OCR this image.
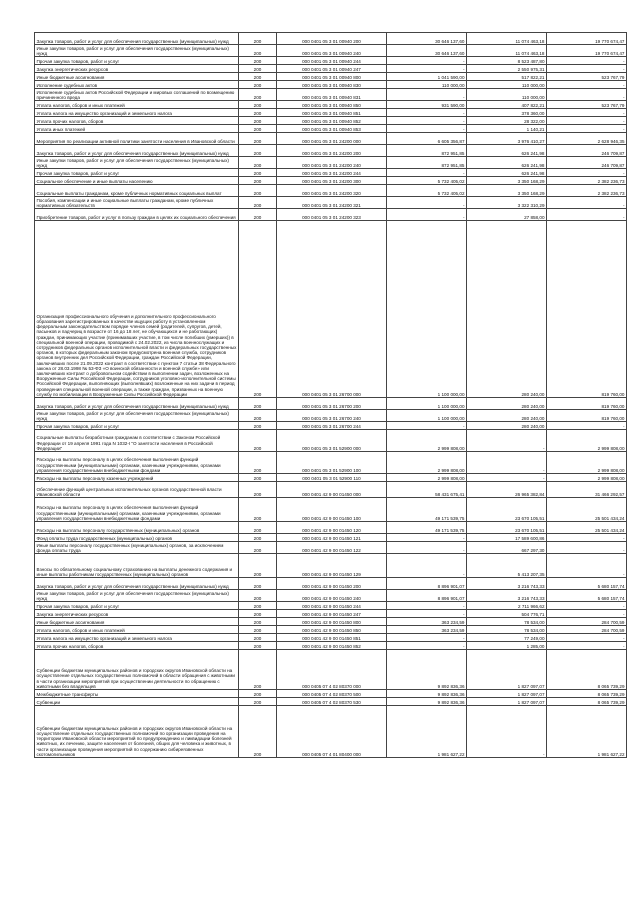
Закупка товаров, работ и услуг для обеспечения государственных (муниципальных) нужд	200	000 0401 05 3 01 00940 200	30 646 137,60	11 074 463,18	19 770 674,47
Иные закупки товаров, работ и услуг для обеспечения государственных (муниципальных) нужд	200	000 0401 05 3 01 00940 240	30 646 137,60	11 074 463,18	19 770 674,47
Прочая закупка товаров, работ и услуг	200	000 0401 05 3 01 00940 244	-	8 523 487,80	-
Закупка энергетических ресурсов	200	000 0401 05 3 01 00940 247	-	2 550 975,31	-
Иные бюджетные ассигнования	200	000 0401 05 3 01 00940 800	1 041 590,00	517 822,21	523 767,79
Исполнение судебных актов	200	000 0401 05 3 01 00940 830	110 000,00	110 000,00	-
Исполнение судебных актов Российской Федерации и мировых соглашений по возмещению причиненного вреда	200	000 0401 05 3 01 00940 831	-	110 000,00	-
Уплата налогов, сборов и иных платежей	200	000 0401 05 3 01 00940 850	931 590,00	407 822,21	523 767,79
Уплата налога на имущество организаций и земельного налога	200	000 0401 05 3 01 00940 851	-	378 360,00	-
Уплата прочих налогов, сборов	200	000 0401 05 3 01 00940 852	-	28 322,00	-
Уплата иных платежей	200	000 0401 05 3 01 00940 853	-	1 140,21	-
Мероприятия по реализации активной политики занятости населения в Ивановской области	200	000 0401 05 3 01 24200 000	6 605 356,87	3 976 410,27	2 628 946,35
Закупка товаров, работ и услуг для обеспечения государственных (муниципальных) нужд	200	000 0401 05 3 01 24200 200	872 951,85	626 241,98	246 709,87
Иные закупки товаров, работ и услуг для обеспечения государственных (муниципальных) нужд	200	000 0401 05 3 01 24200 240	872 951,85	626 241,98	246 709,87
Прочая закупка товаров, работ и услуг	200	000 0401 05 3 01 24200 244	-	626 241,98	-
Социальное обеспечение и иные выплаты населению	200	000 0401 05 3 01 24200 300	5 732 405,02	3 350 168,29	2 382 236,73
Социальные выплаты гражданам, кроме публичных нормативных социальных выплат	200	000 0401 05 3 01 24200 320	5 732 405,02	3 350 168,29	2 382 236,73
Пособия, компенсации и иные социальные выплаты гражданам, кроме публичных нормативных обязательств	200	000 0401 05 3 01 24200 321	-	3 322 310,29	-
Приобретение товаров, работ и услуг в пользу граждан в целях их социального обеспечения	200	000 0401 05 3 01 24200 323	-	27 858,00	-
Организация профессионального обучения и дополнительного профессионального образования зарегистрированных в качестве ищущих работу в установленном федеральным законодательством порядке членов семей (родителей, супругов, детей, пасынков и падчериц в возрасте от 16 до 18 лет, не обучающихся и не работающих) граждан, принимающих участие (принимавших участие, в том числе погибших (умерших)) в специальной военной операции, проводимой с 24.02.2022, из числа военнослужащих и сотрудников федеральных органов исполнительной власти и федеральных государственных органов, в которых федеральным законом предусмотрена военная служба, сотрудников органов внутренних дел Российской Федерации, граждан Российской Федерации, заключивших после 21.09.2022 контракт в соответствии с пунктом 7 статьи 38 Федерального закона от 28.03.1998 № 53-ФЗ «О воинской обязанности и военной службе» или заключивших контракт о добровольном содействии в выполнении задач, возложенных на Вооруженные Силы Российской Федерации, сотрудников уголовно-исполнительной системы Российской Федерации, выполняющих (выполнявших) возложенные на них задачи в период проведения специальной военной операции, а также граждан, призванных на военную службу по мобилизации в Вооруженные Силы Российской Федерации	200	000 0401 05 3 01 26700 000	1 100 000,00	280 240,00	819 760,00
Закупка товаров, работ и услуг для обеспечения государственных (муниципальных) нужд	200	000 0401 05 3 01 26700 200	1 100 000,00	280 240,00	819 760,00
Иные закупки товаров, работ и услуг для обеспечения государственных (муниципальных) нужд	200	000 0401 05 3 01 26700 240	1 100 000,00	280 240,00	819 760,00
Прочая закупка товаров, работ и услуг	200	000 0401 05 3 01 26700 244	-	280 240,00	-
Социальные выплаты безработным гражданам в соответствии с Законом Российской Федерации от 19 апреля 1991 года N 1032-I "О занятости населения в Российской Федерации"	200	000 0401 05 3 01 52900 000	2 999 808,00	-	2 999 808,00
Расходы на выплаты персоналу в целях обеспечения выполнения функций государственными (муниципальными) органами, казенными учреждениями, органами управления государственными внебюджетными фондами	200	000 0401 05 3 01 52900 100	2 999 808,00	-	2 999 808,00
Расходы на выплаты персоналу казенных учреждений	200	000 0401 05 3 01 52900 110	2 999 808,00	-	2 999 808,00
Обеспечение функций центральных исполнительных органов государственной власти Ивановской области	200	000 0401 42 9 00 01450 000	58 431 675,41	26 965 382,84	31 466 292,57
Расходы на выплаты персоналу в целях обеспечения выполнения функций государственными (муниципальными) органами, казенными учреждениями, органами управления государственными внебюджетными фондами	200	000 0401 42 9 00 01450 100	49 171 539,75	23 670 105,51	25 501 434,24
Расходы на выплаты персоналу государственных (муниципальных) органов	200	000 0401 42 9 00 01450 120	49 171 539,75	23 670 105,51	25 501 434,24
Фонд оплаты труда государственных (муниципальных) органов	200	000 0401 42 9 00 01450 121	-	17 589 600,86	-
Иные выплаты персоналу государственных (муниципальных) органов, за исключением фонда оплаты труда	200	000 0401 42 9 00 01450 122	-	667 297,30	-
Взносы по обязательному социальному страхованию на выплаты денежного содержания и иные выплаты работникам государственных (муниципальных) органов	200	000 0401 42 9 00 01450 129	-	5 413 207,35	-
Закупка товаров, работ и услуг для обеспечения государственных (муниципальных) нужд	200	000 0401 42 9 00 01450 200	8 896 901,07	3 216 743,33	5 680 157,74
Иные закупки товаров, работ и услуг для обеспечения государственных (муниципальных) нужд	200	000 0401 42 9 00 01450 240	8 896 901,07	3 216 743,33	5 680 157,74
Прочая закупка товаров, работ и услуг	200	000 0401 42 9 00 01450 244	-	2 711 966,62	-
Закупка энергетических ресурсов	200	000 0401 42 9 00 01450 247	-	504 776,71	-
Иные бюджетные ассигнования	200	000 0401 42 9 00 01450 800	363 234,59	78 534,00	284 700,59
Уплата налогов, сборов и иных платежей	200	000 0401 42 9 00 01450 850	363 234,59	78 534,00	284 700,59
Уплата налога на имущество организаций и земельного налога	200	000 0401 42 9 00 01450 851	-	77 249,00	-
Уплата прочих налогов, сборов	200	000 0401 42 9 00 01450 852	-	1 285,00	-
Субвенции бюджетам муниципальных районов и городских округов Ивановской области на осуществление отдельных государственных полномочий в области обращения с животными в части организации мероприятий при осуществлении деятельности по обращению с животными без владельцев	200	000 0405 07 4 02 80370 000	9 892 836,36	1 827 097,07	8 065 739,29
Межбюджетные трансферты	200	000 0405 07 4 02 80370 500	9 892 836,36	1 827 097,07	8 065 739,29
Субвенции	200	000 0405 07 4 02 80370 530	9 892 836,36	1 827 097,07	8 065 739,29
Субвенции бюджетам муниципальных районов и городских округов Ивановской области на осуществление отдельных государственных полномочий по организации проведения на территории Ивановской области мероприятий по предупреждению и ликвидации болезней животных, их лечению, защите населения от болезней, общих для человека и животных, в части организации проведения мероприятий по содержанию сибиреязвенных скотомогильников	200	000 0405 07 4 01 80400 000	1 981 627,22	-	1 981 627,22
